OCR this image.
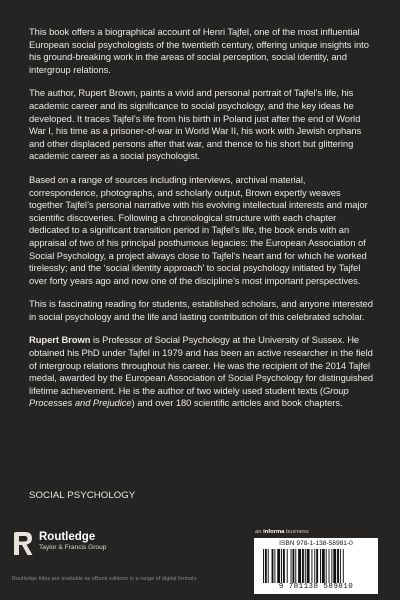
This book offers a biographical account of Henri Tajfel, one of the most influential European social psychologists of the twentieth century, offering unique insights into his ground-breaking work in the areas of social perception, social identity, and intergroup relations.

The author, Rupert Brown, paints a vivid and personal portrait of Tajfel’s life, his academic career and its significance to social psychology, and the key ideas he developed. It traces Tajfel’s life from his birth in Poland just after the end of World War I, his time as a prisoner-of-war in World War II, his work with Jewish orphans and other displaced persons after that war, and thence to his short but glittering academic career as a social psychologist.

Based on a range of sources including interviews, archival material, correspondence, photographs, and scholarly output, Brown expertly weaves together Tajfel’s personal narrative with his evolving intellectual interests and major scientific discoveries. Following a chronological structure with each chapter dedicated to a significant transition period in Tajfel’s life, the book ends with an appraisal of two of his principal posthumous legacies: the European Association of Social Psychology, a project always close to Tajfel’s heart and for which he worked tirelessly; and the ‘social identity approach’ to social psychology initiated by Tajfel over forty years ago and now one of the discipline’s most important perspectives.

This is fascinating reading for students, established scholars, and anyone interested in social psychology and the life and lasting contribution of this celebrated scholar.

Rupert Brown is Professor of Social Psychology at the University of Sussex. He obtained his PhD under Tajfel in 1979 and has been an active researcher in the field of intergroup relations throughout his career. He was the recipient of the 2014 Tajfel medal, awarded by the European Association of Social Psychology for distinguished lifetime achievement. He is the author of two widely used student texts (Group Processes and Prejudice) and over 180 scientific articles and book chapters.

SOCIAL PSYCHOLOGY
Routledge
Taylor & Francis Group
Routledge titles are available as eBook editions in a range of digital formats
an informa business
ISBN 978-1-138-58981-0
9 781138 589810
